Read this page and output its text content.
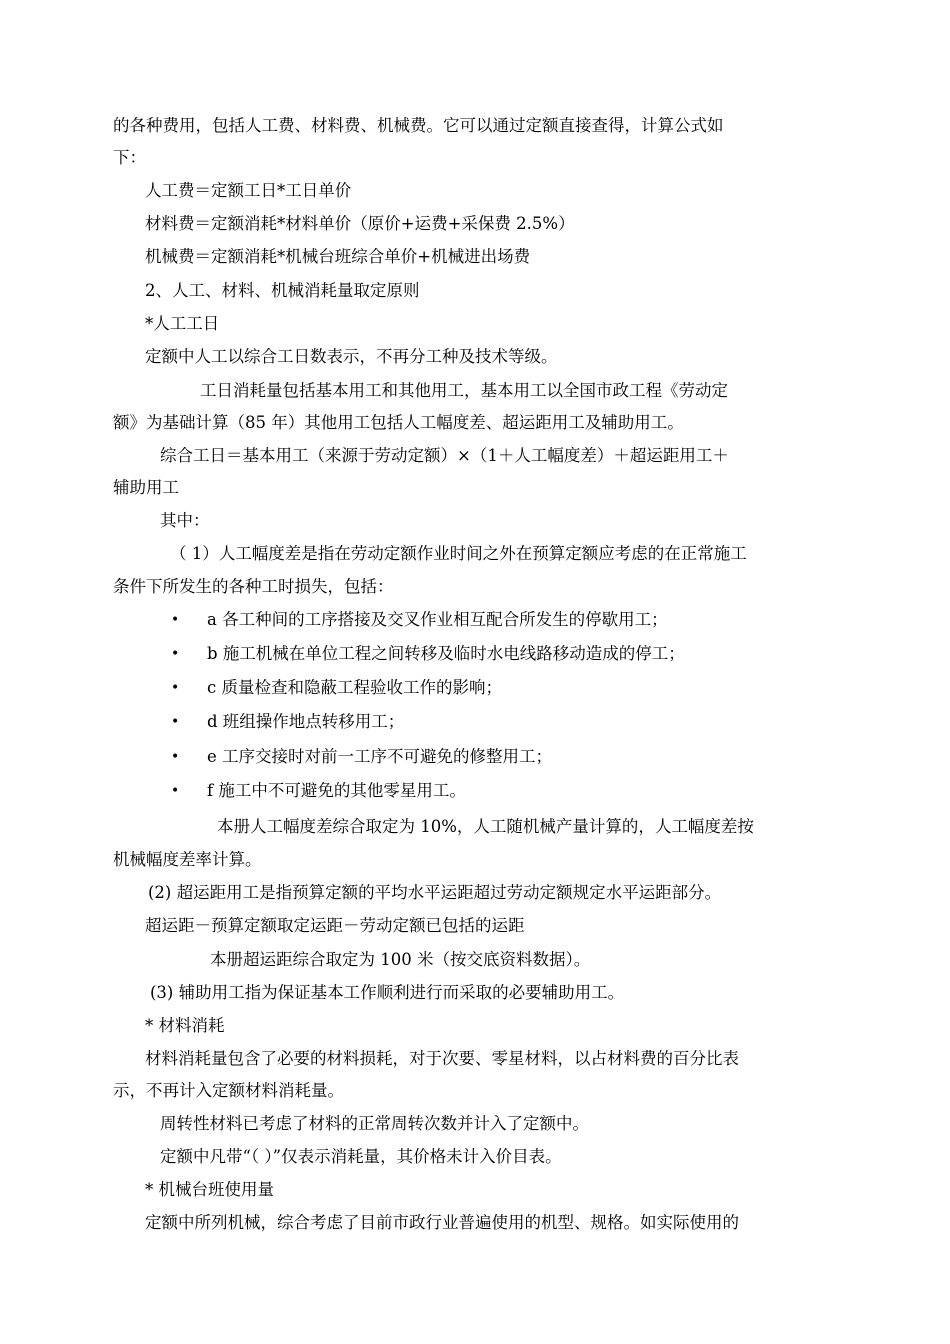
的各种费用，包括人工费、材料费、机械费。它可以通过定额直接查得，计算公式如
下：
人工费＝定额工日*工日单价
材料费＝定额消耗*材料单价（原价+运费+采保费 2.5%）
机械费＝定额消耗*机械台班综合单价+机械进出场费
2、人工、材料、机械消耗量取定原则
*人工工日
定额中人工以综合工日数表示，不再分工种及技术等级。
工日消耗量包括基本用工和其他用工，基本用工以全国市政工程《劳动定
额》为基础计算（85 年）其他用工包括人工幅度差、超运距用工及辅助用工。
综合工日＝基本用工（来源于劳动定额）×（1＋人工幅度差）＋超运距用工＋
辅助用工
其中：
（ 1）人工幅度差是指在劳动定额作业时间之外在预算定额应考虑的在正常施工
条件下所发生的各种工时损失，包括：
• a 各工种间的工序搭接及交叉作业相互配合所发生的停歇用工；
• b 施工机械在单位工程之间转移及临时水电线路移动造成的停工；
• c 质量检查和隐蔽工程验收工作的影响；
• d 班组操作地点转移用工；
• e 工序交接时对前一工序不可避免的修整用工；
• f 施工中不可避免的其他零星用工。
本册人工幅度差综合取定为 10%，人工随机械产量计算的，人工幅度差按
机械幅度差率计算。
(2) 超运距用工是指预算定额的平均水平运距超过劳动定额规定水平运距部分。
超运距－预算定额取定运距－劳动定额已包括的运距
本册超运距综合取定为 100 米（按交底资料数据）。
(3) 辅助用工指为保证基本工作顺利进行而采取的必要辅助用工。
* 材料消耗
材料消耗量包含了必要的材料损耗，对于次要、零星材料，以占材料费的百分比表
示，不再计入定额材料消耗量。
周转性材料已考虑了材料的正常周转次数并计入了定额中。
定额中凡带“（ ）”仅表示消耗量，其价格未计入价目表。
* 机械台班使用量
定额中所列机械，综合考虑了目前市政行业普遍使用的机型、规格。如实际使用的
